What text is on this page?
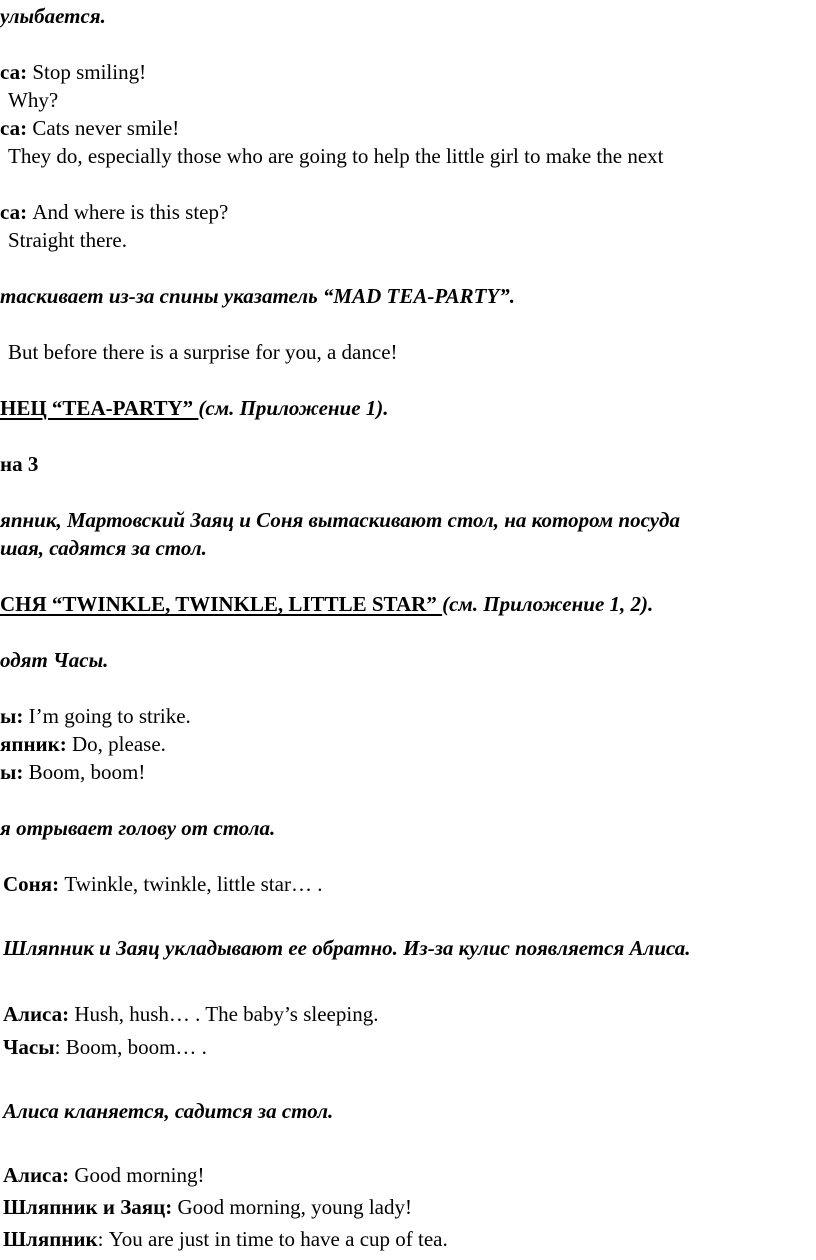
улыбается.
са: Stop smiling!
Why?
са: Cats never smile!
They do, especially those who are going to help the little girl to make the next
са: And where is this step?
Straight there.
таскивает из-за спины указатель “MAD TEA-PARTY”.
But before there is a surprise for you, a dance!
НЕЦ “TEA-PARTY” (см. Приложение 1).
на 3
япник, Мартовский Заяц и Соня вытаскивают стол, на котором посуда
шая, садятся за стол.
СНЯ “TWINKLE, TWINKLE, LITTLE STAR” (см. Приложение 1, 2).
одят Часы.
ы: I’m going to strike.
япник: Do, please.
ы: Boom, boom!
я отрывает голову от стола.
Соня: Twinkle, twinkle, little star… .
Шляпник и Заяц укладывают ее обратно. Из-за кулис появляется Алиса.
Алиса: Hush, hush… . The baby’s sleeping.
Часы: Boom, boom… .
Алиса кланяется, садится за стол.
Алиса: Good morning!
Шляпник и Заяц: Good morning, young lady!
Шляпник: You are just in time to have a cup of tea.
